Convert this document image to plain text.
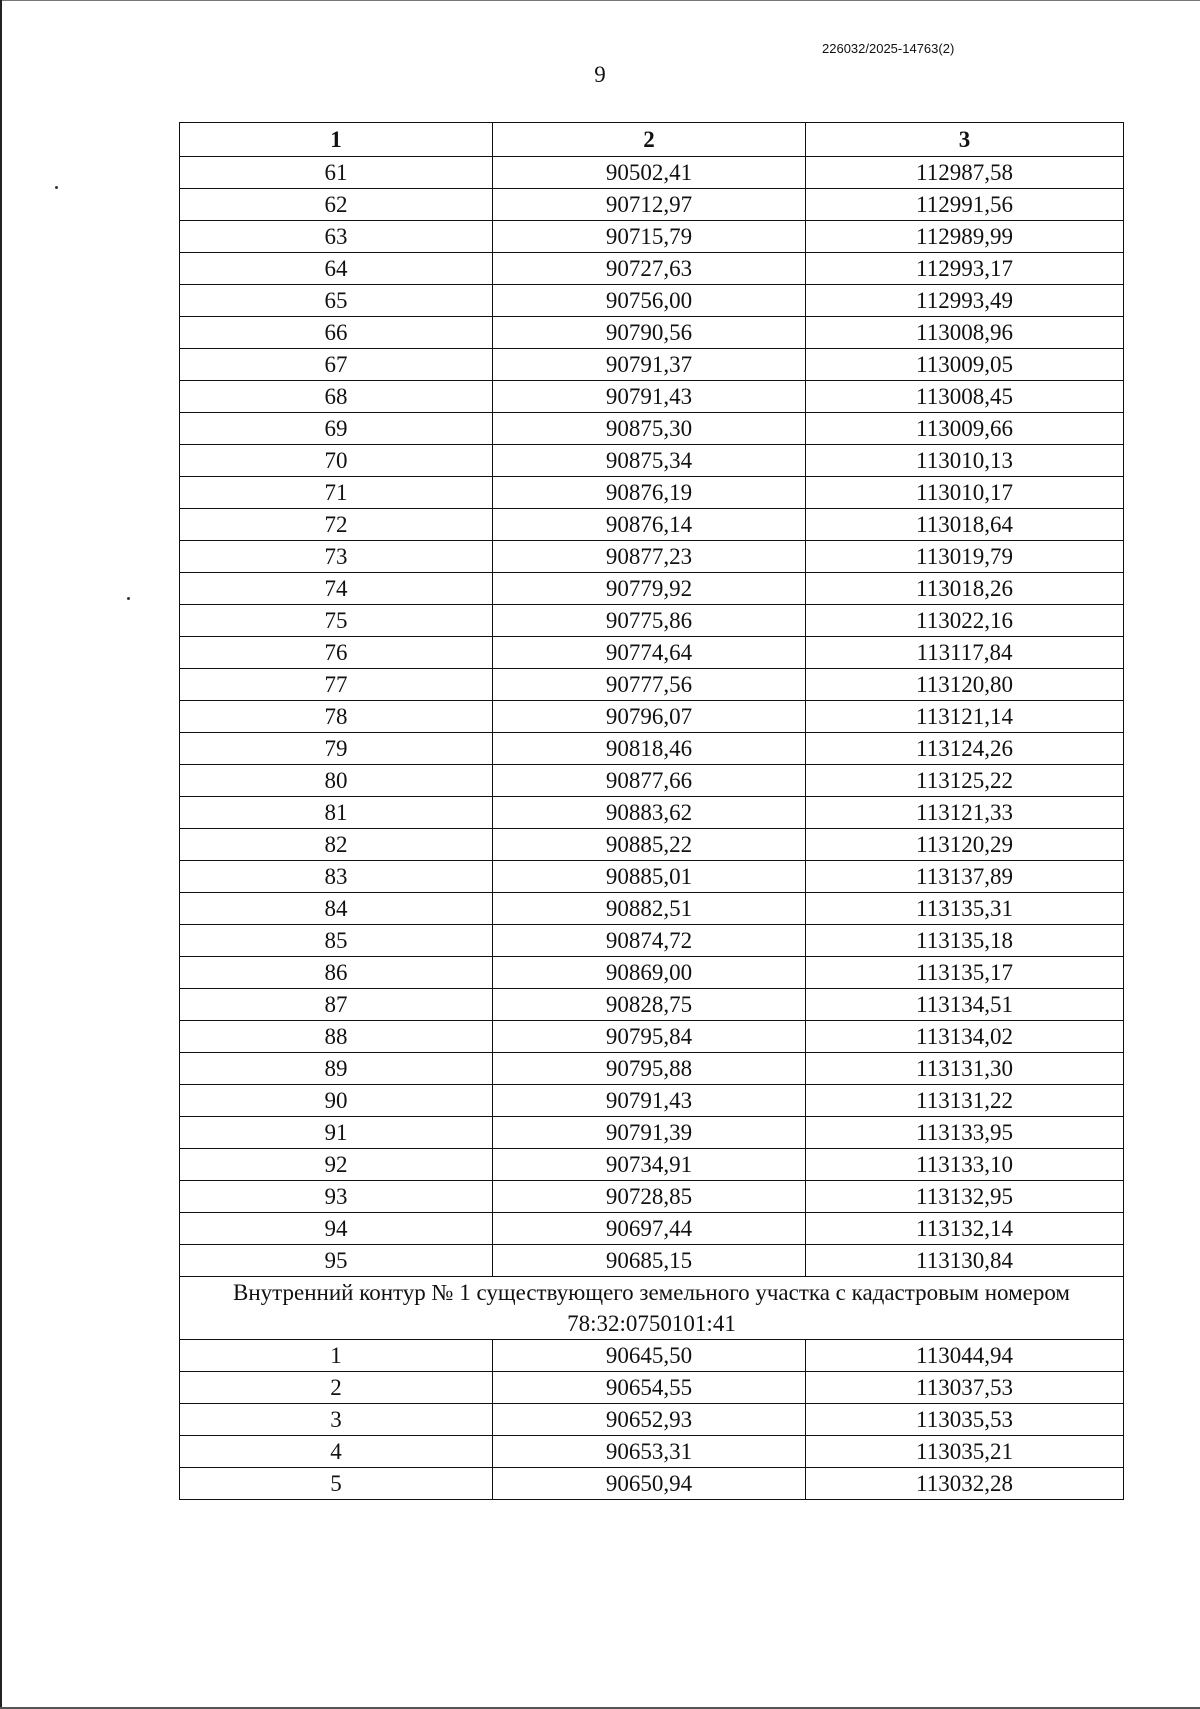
226032/2025-14763(2)
9
1	2	3
61	90502,41	112987,58
62	90712,97	112991,56
63	90715,79	112989,99
64	90727,63	112993,17
65	90756,00	112993,49
66	90790,56	113008,96
67	90791,37	113009,05
68	90791,43	113008,45
69	90875,30	113009,66
70	90875,34	113010,13
71	90876,19	113010,17
72	90876,14	113018,64
73	90877,23	113019,79
74	90779,92	113018,26
75	90775,86	113022,16
76	90774,64	113117,84
77	90777,56	113120,80
78	90796,07	113121,14
79	90818,46	113124,26
80	90877,66	113125,22
81	90883,62	113121,33
82	90885,22	113120,29
83	90885,01	113137,89
84	90882,51	113135,31
85	90874,72	113135,18
86	90869,00	113135,17
87	90828,75	113134,51
88	90795,84	113134,02
89	90795,88	113131,30
90	90791,43	113131,22
91	90791,39	113133,95
92	90734,91	113133,10
93	90728,85	113132,95
94	90697,44	113132,14
95	90685,15	113130,84
Внутренний контур № 1 существующего земельного участка с кадастровым номером 78:32:0750101:41		
1	90645,50	113044,94
2	90654,55	113037,53
3	90652,93	113035,53
4	90653,31	113035,21
5	90650,94	113032,28
